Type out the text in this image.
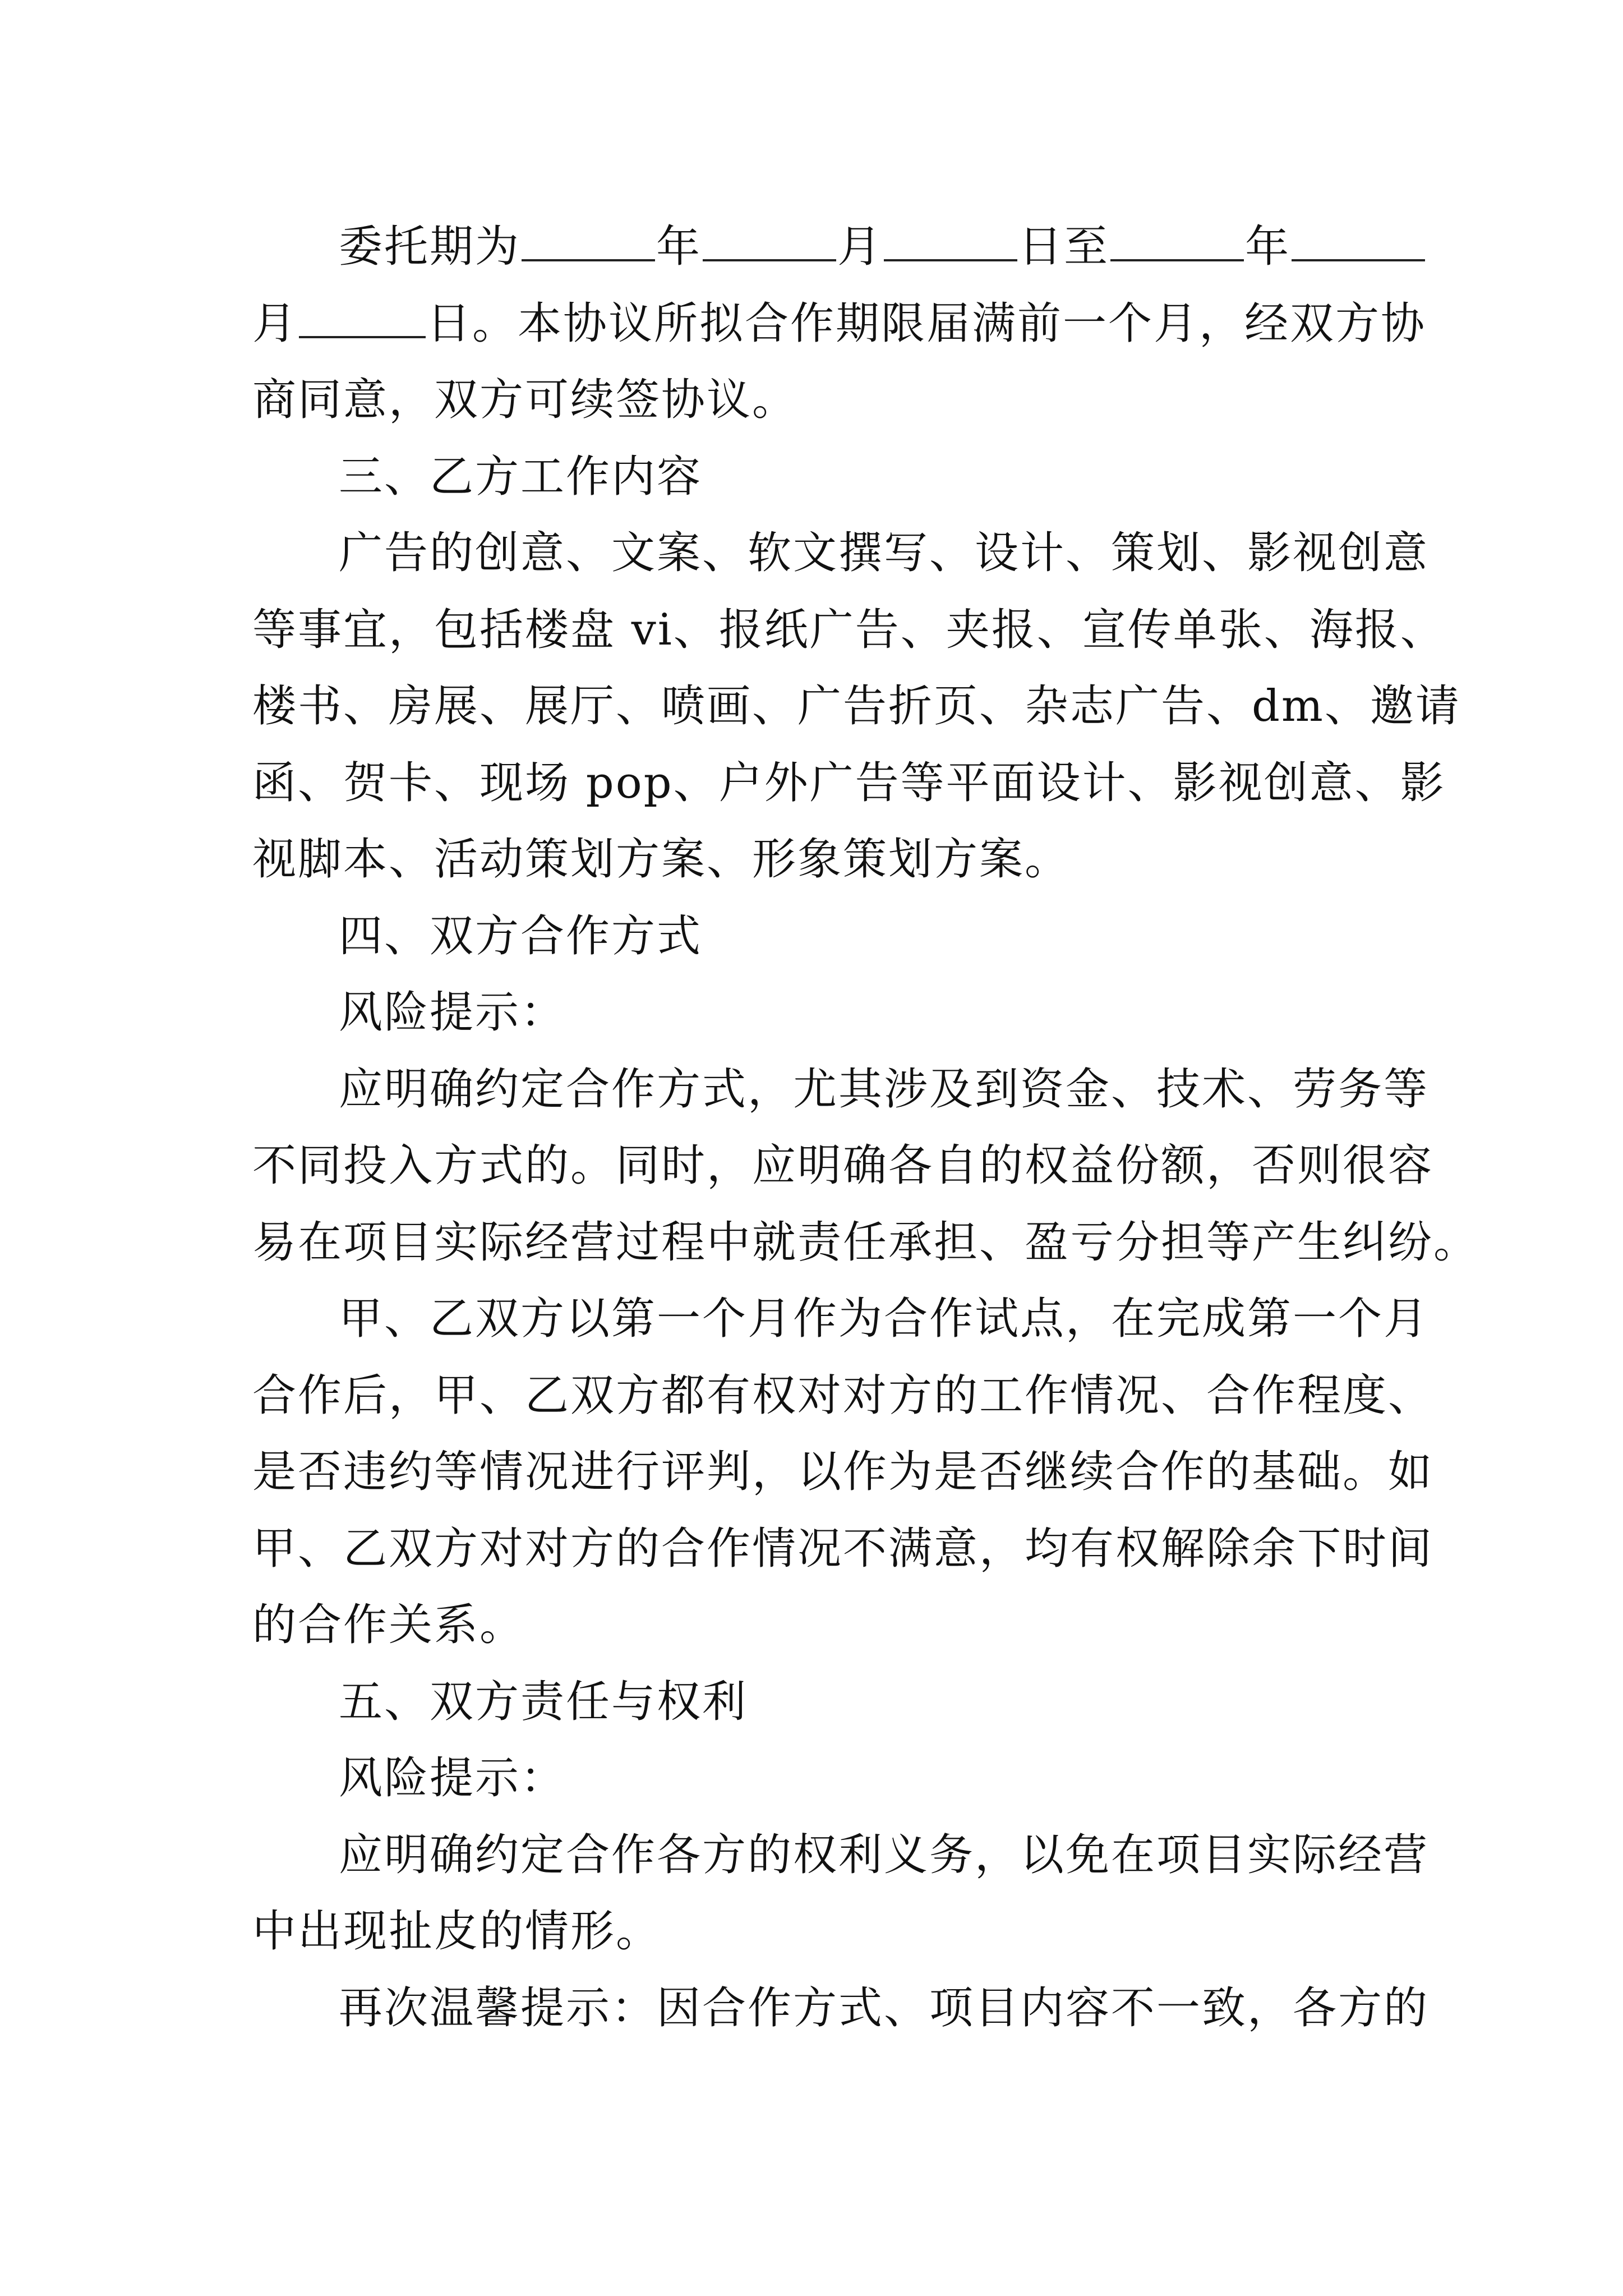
委托期为	年	月	日至	年
月	日。本协议所拟合作期限届满前一个月，经双方协
商同意，双方可续签协议。
三、乙方工作内容
广告的创意、文案、软文撰写、设计、策划、影视创意
等事宜，包括楼盘 vi、报纸广告、夹报、宣传单张、海报、
楼书、房展、展厅、喷画、广告折页、杂志广告、dm、邀请
函、贺卡、现场 pop、户外广告等平面设计、影视创意、影
视脚本、活动策划方案、形象策划方案。
四、双方合作方式
风险提示：
应明确约定合作方式，尤其涉及到资金、技术、劳务等
不同投入方式的。同时，应明确各自的权益份额，否则很容
易在项目实际经营过程中就责任承担、盈亏分担等产生纠纷。
甲、乙双方以第一个月作为合作试点，在完成第一个月
合作后，甲、乙双方都有权对对方的工作情况、合作程度、
是否违约等情况进行评判，以作为是否继续合作的基础。如
甲、乙双方对对方的合作情况不满意，均有权解除余下时间
的合作关系。
五、双方责任与权利
风险提示：
应明确约定合作各方的权利义务，以免在项目实际经营
中出现扯皮的情形。
再次温馨提示：因合作方式、项目内容不一致，各方的
